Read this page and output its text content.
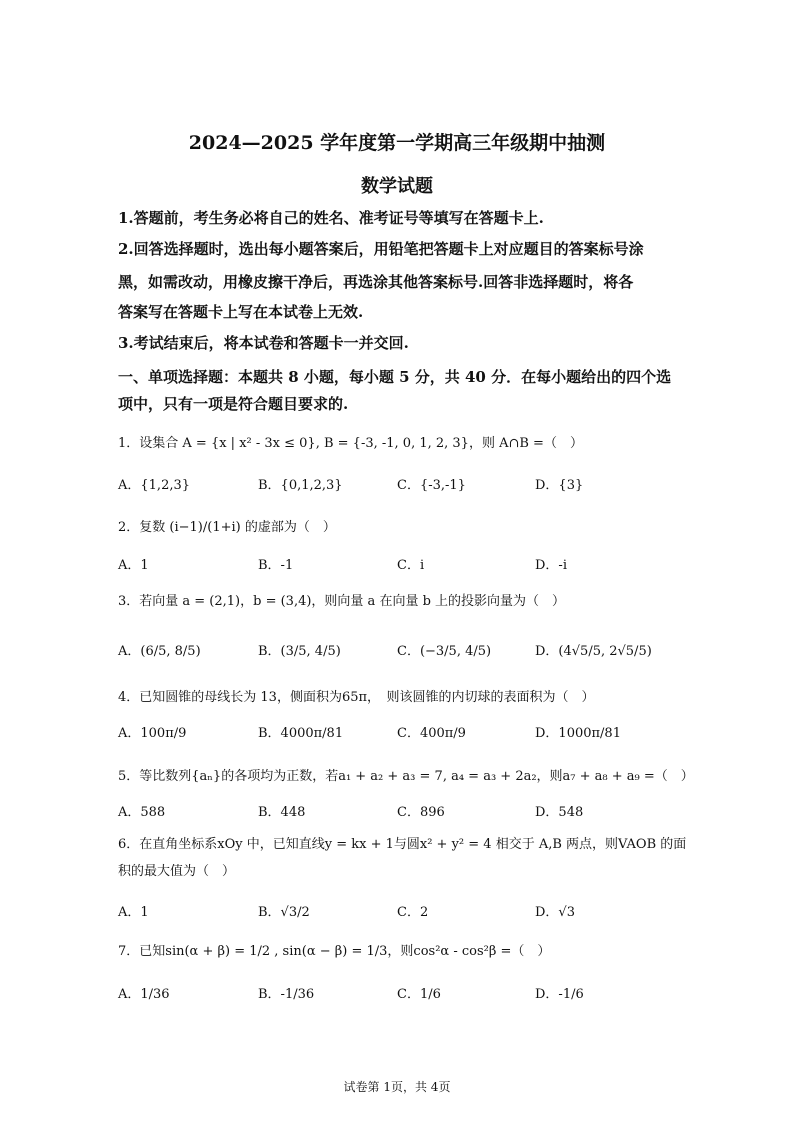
2024—2025 学年度第一学期高三年级期中抽测
数学试题
1.答题前，考生务必将自己的姓名、准考证号等填写在答题卡上.
2.回答选择题时，选出每小题答案后，用铅笔把答题卡上对应题目的答案标号涂
黑，如需改动，用橡皮擦干净后，再选涂其他答案标号.回答非选择题时，将各
答案写在答题卡上写在本试卷上无效.
3.考试结束后，将本试卷和答题卡一并交回.
一、单项选择题：本题共 8 小题，每小题 5 分，共 40 分．在每小题给出的四个选
项中，只有一项是符合题目要求的.
1．设集合 A = {x | x² - 3x ≤ 0}, B = {-3, -1, 0, 1, 2, 3}，则 A∩B =（　）
A．{1,2,3}	B．{0,1,2,3}	C．{-3,-1}	D．{3}
2．复数 (i−1)/(1+i) 的虚部为（　）
A．1	B．-1	C．i	D．-i
3．若向量 a = (2,1)，b = (3,4)，则向量 a 在向量 b 上的投影向量为（　）
A．(6/5, 8/5)	B．(3/5, 4/5)	C．(−3/5, 4/5)	D．(4√5/5, 2√5/5)
4．已知圆锥的母线长为 13，侧面积为65π，　则该圆锥的内切球的表面积为（　）
A．100π/9	B．4000π/81	C．400π/9	D．1000π/81
5．等比数列{aₙ}的各项均为正数，若a₁ + a₂ + a₃ = 7, a₄ = a₃ + 2a₂，则a₇ + a₈ + a₉ =（　）
A．588	B．448	C．896	D．548
6．在直角坐标系xOy 中，已知直线y = kx + 1与圆x² + y² = 4 相交于 A,B 两点，则VAOB 的面
积的最大值为（　）
A．1	B．√3/2	C．2	D．√3
7．已知sin(α + β) = 1/2 , sin(α − β) = 1/3，则cos²α - cos²β =（　）
A．1/36	B．-1/36	C．1/6	D．-1/6
试卷第 1页，共 4页
